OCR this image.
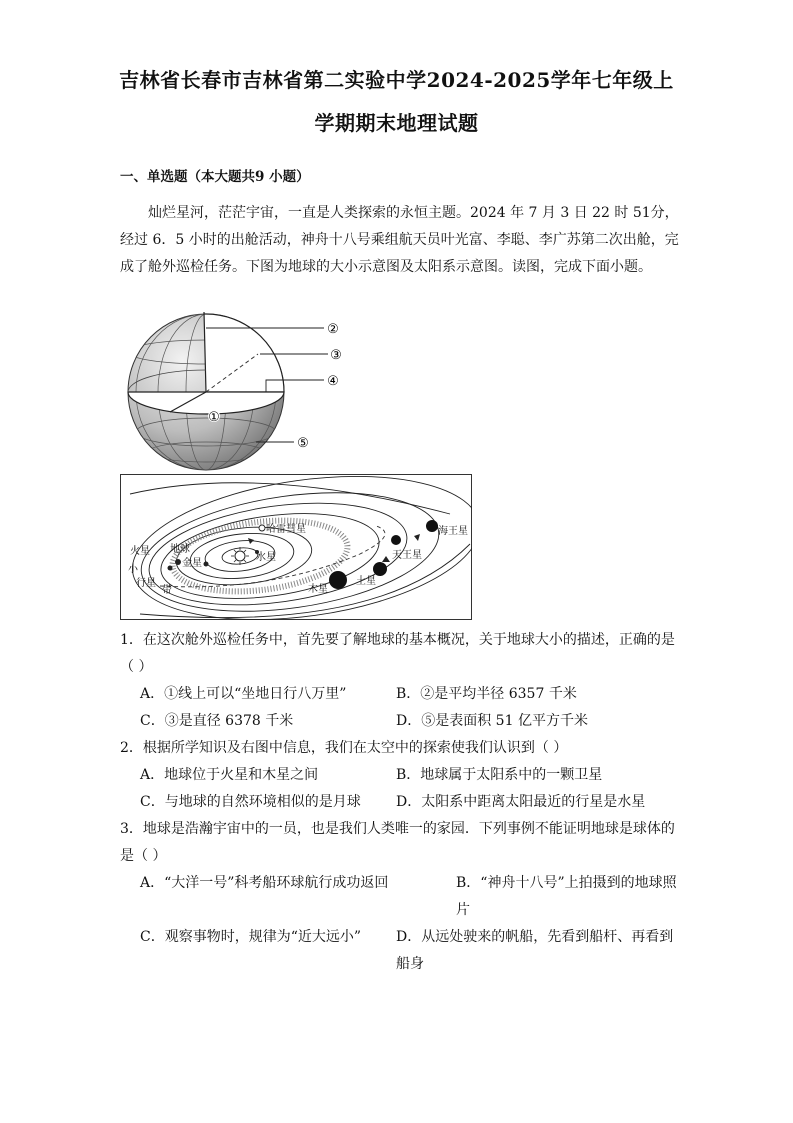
吉林省长春市吉林省第二实验中学2024-2025学年七年级上
学期期末地理试题
一、单选题（本大题共9 小题）
灿烂星河，茫茫宇宙，一直是人类探索的永恒主题。2024 年 7 月 3 日 22 时 51分，经过 6．5 小时的出舱活动，神舟十八号乘组航天员叶光富、李聪、李广苏第二次出舱，完成了舱外巡检任务。下图为地球的大小示意图及太阳系示意图。读图，完成下面小题。
①
②
③
④
⑤
哈雷彗星
火星 地球
金星
水星	天王星
海王星
土星
木星
小
行星
带
1．在这次舱外巡检任务中，首先要了解地球的基本概况，关于地球大小的描述，正确的是（ ）
A．①线上可以“坐地日行八万里”	B．②是平均半径 6357 千米
C．③是直径 6378 千米	D．⑤是表面积 51 亿平方千米
2．根据所学知识及右图中信息，我们在太空中的探索使我们认识到（ ）
A．地球位于火星和木星之间	B．地球属于太阳系中的一颗卫星
C．与地球的自然环境相似的是月球	D．太阳系中距离太阳最近的行星是水星
3．地球是浩瀚宇宙中的一员，也是我们人类唯一的家园．下列事例不能证明地球是球体的是（ ）
A．“大洋一号”科考船环球航行成功返回	B．“神舟十八号”上拍摄到的地球照片
C．观察事物时，规律为“近大远小” D．从远处驶来的帆船，先看到船杆、再看到船身
